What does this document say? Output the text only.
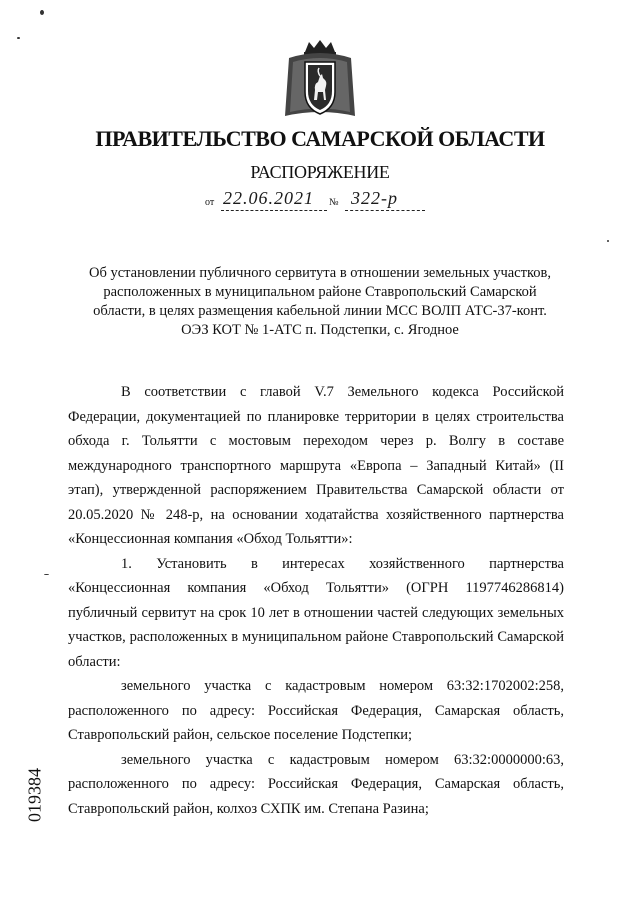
ПРАВИТЕЛЬСТВО САМАРСКОЙ ОБЛАСТИ
РАСПОРЯЖЕНИЕ
от 22.06.2021 № 322-р
Об установлении публичного сервитута в отношении земельных участков,
расположенных в муниципальном районе Ставропольский Самарской
области, в целях размещения кабельной линии МСС ВОЛП АТС-37-конт.
ОЭЗ КОТ № 1-АТС п. Подстепки, с. Ягодное

В соответствии с главой V.7 Земельного кодекса Российской Федерации, документацией по планировке территории в целях строительства обхода г. Тольятти с мостовым переходом через р. Волгу в составе международного транспортного маршрута «Европа – Западный Китай» (II этап), утвержденной распоряжением Правительства Самарской области от 20.05.2020 № 248-р, на основании ходатайства хозяйственного партнерства «Концессионная компания «Обход Тольятти»:

1. Установить в интересах хозяйственного партнерства «Концессионная компания «Обход Тольятти» (ОГРН 1197746286814) публичный сервитут на срок 10 лет в отношении частей следующих земельных участков, расположенных в муниципальном районе Ставропольский Самарской области:

земельного участка с кадастровым номером 63:32:1702002:258, расположенного по адресу: Российская Федерация, Самарская область, Ставропольский район, сельское поселение Подстепки;

земельного участка с кадастровым номером 63:32:0000000:63, расположенного по адресу: Российская Федерация, Самарская область, Ставропольский район, колхоз СХПК им. Степана Разина;

019384
